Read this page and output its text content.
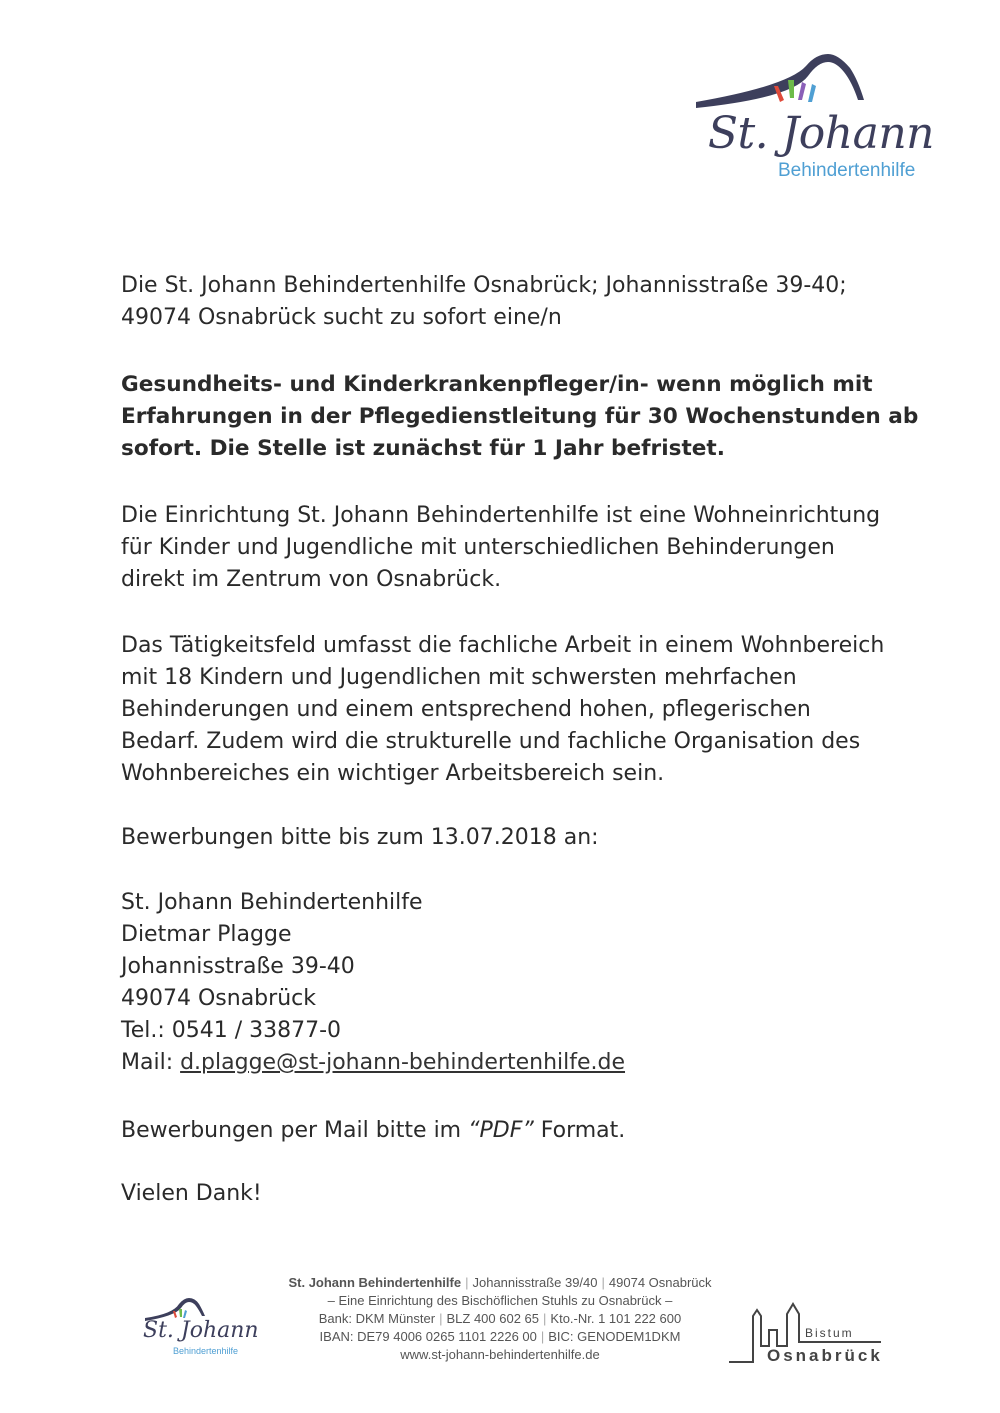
St. Johann
Behindertenhilfe
Die St. Johann Behindertenhilfe Osnabrück; Johannisstraße 39-40;
49074 Osnabrück sucht zu sofort eine/n
Gesundheits- und Kinderkrankenpfleger/in- wenn möglich mit
Erfahrungen in der Pflegedienstleitung für 30 Wochenstunden ab
sofort. Die Stelle ist zunächst für 1 Jahr befristet.
Die Einrichtung St. Johann Behindertenhilfe ist eine Wohneinrichtung
für Kinder und Jugendliche mit unterschiedlichen Behinderungen
direkt im Zentrum von Osnabrück.
Das Tätigkeitsfeld umfasst die fachliche Arbeit in einem Wohnbereich
mit 18 Kindern und Jugendlichen mit schwersten mehrfachen
Behinderungen und einem entsprechend hohen, pflegerischen
Bedarf. Zudem wird die strukturelle und fachliche Organisation des
Wohnbereiches ein wichtiger Arbeitsbereich sein.
Bewerbungen bitte bis zum 13.07.2018 an:
St. Johann Behindertenhilfe
Dietmar Plagge
Johannisstraße 39-40
49074 Osnabrück
Tel.: 0541 / 33877-0
Mail: d.plagge@st-johann-behindertenhilfe.de
Bewerbungen per Mail bitte im “PDF” Format.
Vielen Dank!
St. Johann Behindertenhilfe | Johannisstraße 39/40 | 49074 Osnabrück
– Eine Einrichtung des Bischöflichen Stuhls zu Osnabrück –
Bank: DKM Münster | BLZ 400 602 65 | Kto.-Nr. 1 101 222 600
IBAN: DE79 4006 0265 1101 2226 00 | BIC: GENODEM1DKM
www.st-johann-behindertenhilfe.de
St. Johann
Behindertenhilfe
Bistum
Osnabrück
